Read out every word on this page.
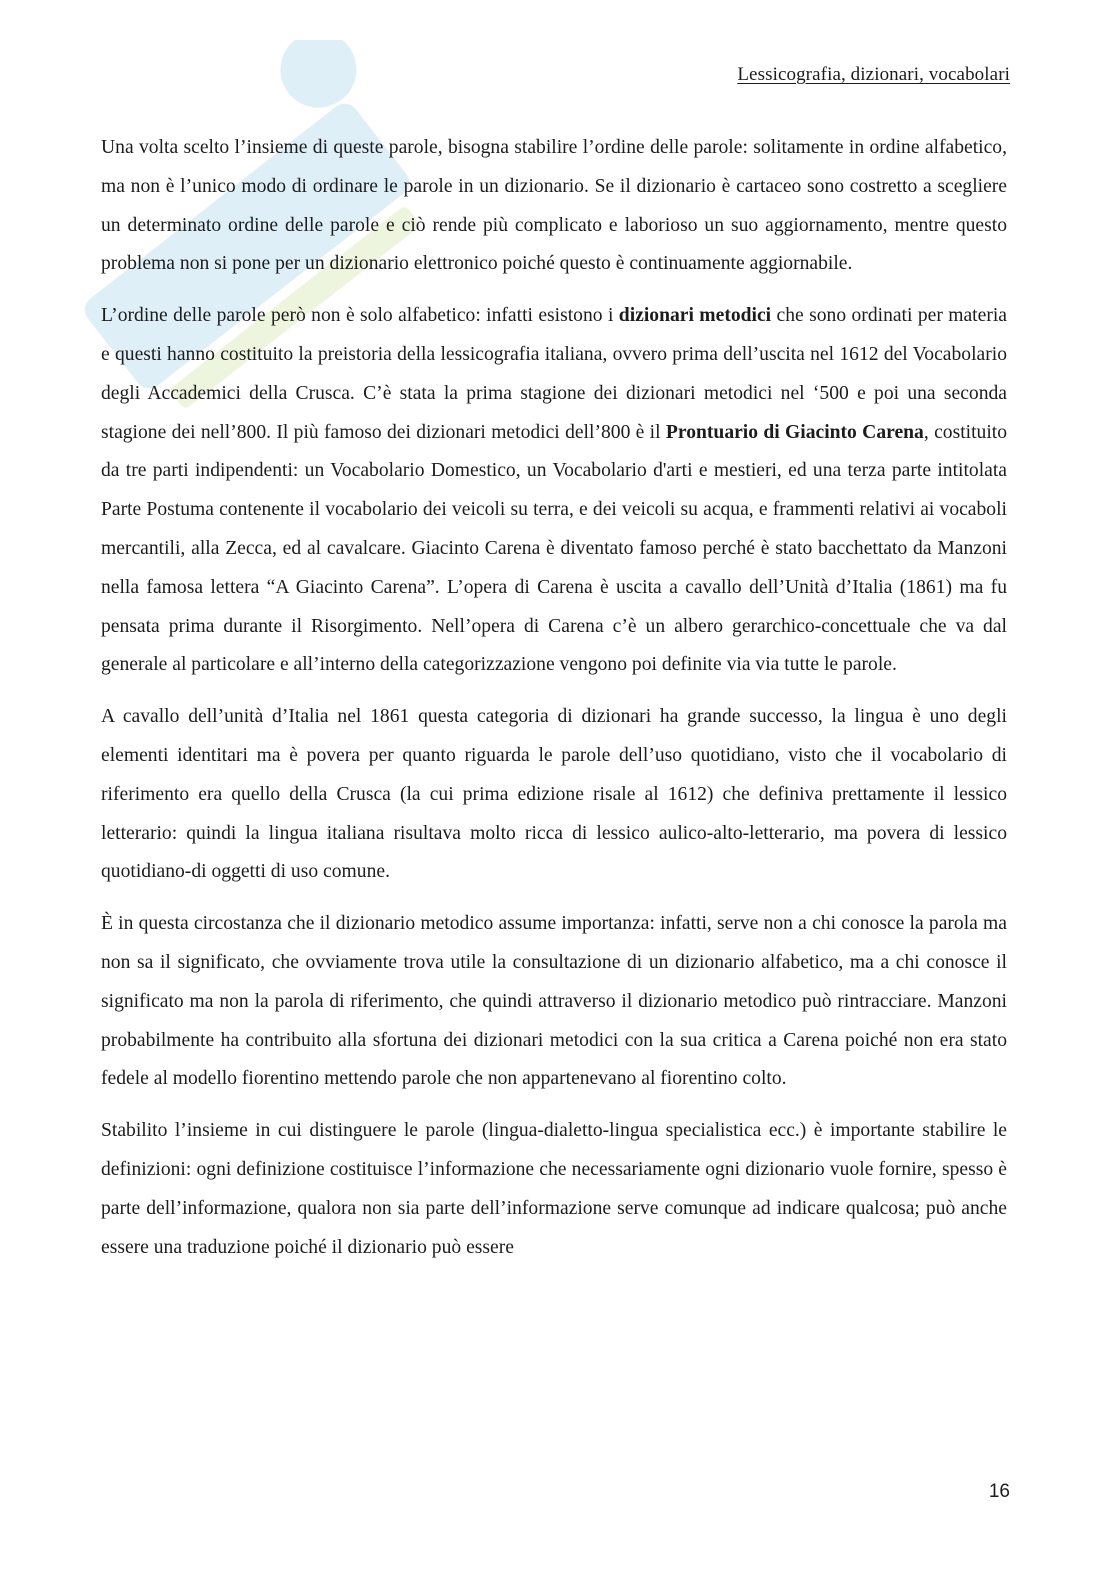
Lessicografia, dizionari, vocabolari

Una volta scelto l’insieme di queste parole, bisogna stabilire l’ordine delle parole: solitamente in ordine alfabetico, ma non è l’unico modo di ordinare le parole in un dizionario. Se il dizionario è cartaceo sono costretto a scegliere un determinato ordine delle parole e ciò rende più complicato e laborioso un suo aggiornamento, mentre questo problema non si pone per un dizionario elettronico poiché questo è continuamente aggiornabile.

L’ordine delle parole però non è solo alfabetico: infatti esistono i dizionari metodici che sono ordinati per materia e questi hanno costituito la preistoria della lessicografia italiana, ovvero prima dell’uscita nel 1612 del Vocabolario degli Accademici della Crusca. C’è stata la prima stagione dei dizionari metodici nel ‘500 e poi una seconda stagione dei nell’800. Il più famoso dei dizionari metodici dell’800 è il Prontuario di Giacinto Carena, costituito da tre parti indipendenti: un Vocabolario Domestico, un Vocabolario d'arti e mestieri, ed una terza parte intitolata Parte Postuma contenente il vocabolario dei veicoli su terra, e dei veicoli su acqua, e frammenti relativi ai vocaboli mercantili, alla Zecca, ed al cavalcare. Giacinto Carena è diventato famoso perché è stato bacchettato da Manzoni nella famosa lettera “A Giacinto Carena”. L’opera di Carena è uscita a cavallo dell’Unità d’Italia (1861) ma fu pensata prima durante il Risorgimento. Nell’opera di Carena c’è un albero gerarchico-concettuale che va dal generale al particolare e all’interno della categorizzazione vengono poi definite via via tutte le parole.

A cavallo dell’unità d’Italia nel 1861 questa categoria di dizionari ha grande successo, la lingua è uno degli elementi identitari ma è povera per quanto riguarda le parole dell’uso quotidiano, visto che il vocabolario di riferimento era quello della Crusca (la cui prima edizione risale al 1612) che definiva prettamente il lessico letterario: quindi la lingua italiana risultava molto ricca di lessico aulico-alto-letterario, ma povera di lessico quotidiano-di oggetti di uso comune.

È in questa circostanza che il dizionario metodico assume importanza: infatti, serve non a chi conosce la parola ma non sa il significato, che ovviamente trova utile la consultazione di un dizionario alfabetico, ma a chi conosce il significato ma non la parola di riferimento, che quindi attraverso il dizionario metodico può rintracciare. Manzoni probabilmente ha contribuito alla sfortuna dei dizionari metodici con la sua critica a Carena poiché non era stato fedele al modello fiorentino mettendo parole che non appartenevano al fiorentino colto.

Stabilito l’insieme in cui distinguere le parole (lingua-dialetto-lingua specialistica ecc.) è importante stabilire le definizioni: ogni definizione costituisce l’informazione che necessariamente ogni dizionario vuole fornire, spesso è parte dell’informazione, qualora non sia parte dell’informazione serve comunque ad indicare qualcosa; può anche essere una traduzione poiché il dizionario può essere

16
